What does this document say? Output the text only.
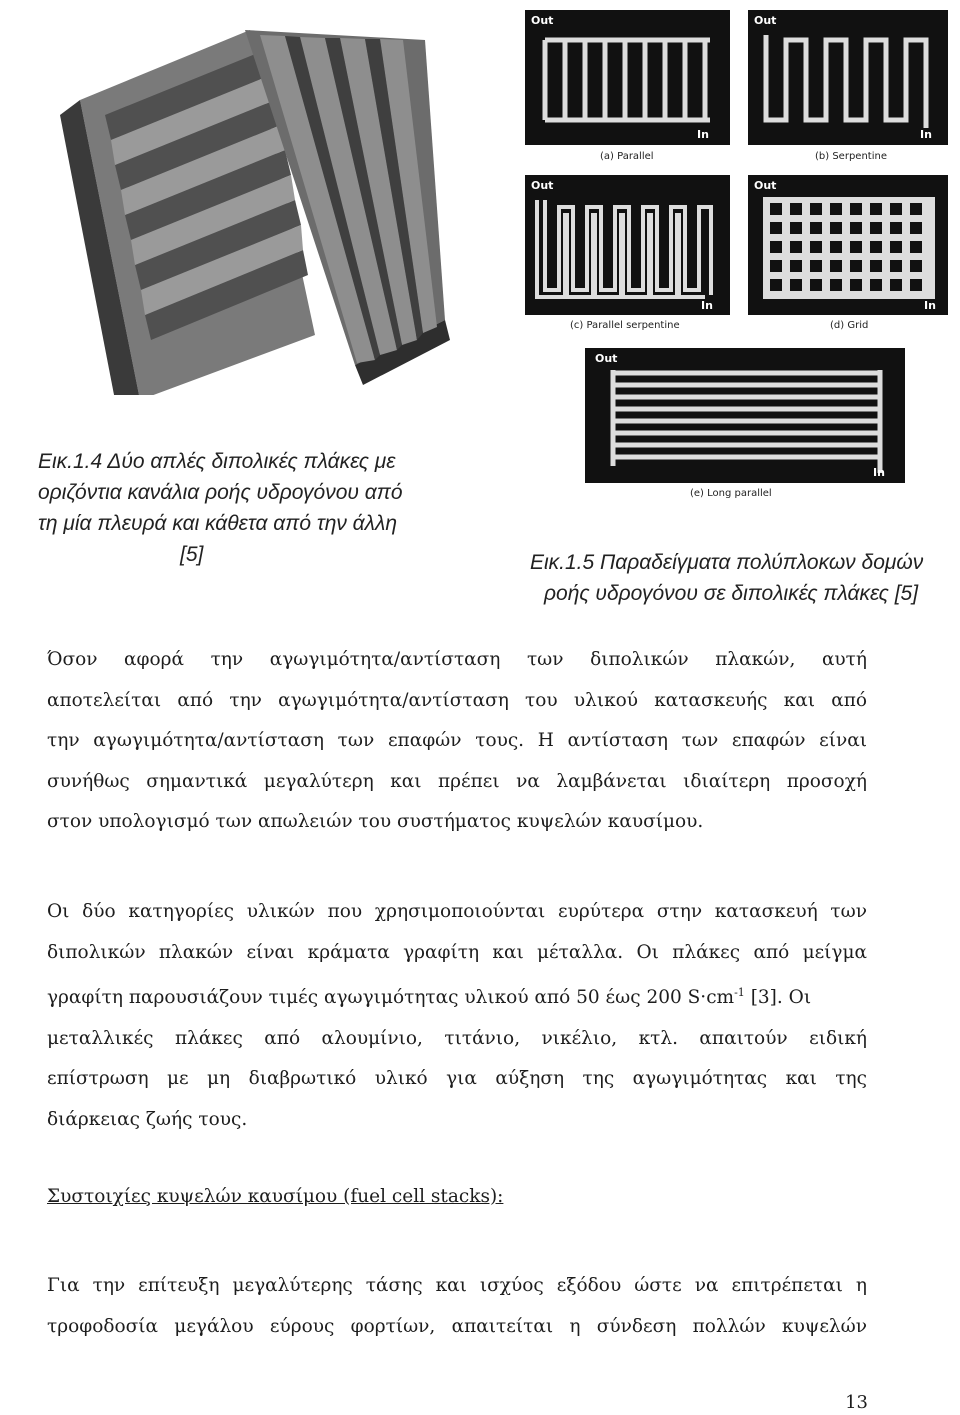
Out
In
(a) Parallel
Out
In
(b) Serpentine
Out
In
(c) Parallel serpentine
Out
In
(d) Grid
Out
In
(e) Long parallel
Εικ.1.4 Δύο απλές διπολικές πλάκες με
οριζόντια κανάλια ροής υδρογόνου από
τη μία πλευρά και κάθετα από την άλλη
[5]	Εικ.1.5 Παραδείγματα πολύπλοκων δομών
ροής υδρογόνου σε διπολικές πλάκες [5]
Όσον αφορά την αγωγιμότητα/αντίσταση των διπολικών πλακών, αυτή
αποτελείται από την αγωγιμότητα/αντίσταση του υλικού κατασκευής και από
την αγωγιμότητα/αντίσταση των επαφών τους. Η αντίσταση των επαφών είναι
συνήθως σημαντικά μεγαλύτερη και πρέπει να λαμβάνεται ιδιαίτερη προσοχή
στον υπολογισμό των απωλειών του συστήματος κυψελών καυσίμου.
Οι δύο κατηγορίες υλικών που χρησιμοποιούνται ευρύτερα στην κατασκευή των
διπολικών πλακών είναι κράματα γραφίτη και μέταλλα. Οι πλάκες από μείγμα
γραφίτη παρουσιάζουν τιμές αγωγιμότητας υλικού από 50 έως 200 $S\cdot cm^{-1}$ [3]. Οι
μεταλλικές πλάκες από αλουμίνιο, τιτάνιο, νικέλιο, κτλ. απαιτούν ειδική
επίστρωση με μη διαβρωτικό υλικό για αύξηση της αγωγιμότητας και της
διάρκειας ζωής τους.
Συστοιχίες κυψελών καυσίμου (fuel cell stacks):
Για την επίτευξη μεγαλύτερης τάσης και ισχύος εξόδου ώστε να επιτρέπεται η
τροφοδοσία μεγάλου εύρους φορτίων, απαιτείται η σύνδεση πολλών κυψελών
13
